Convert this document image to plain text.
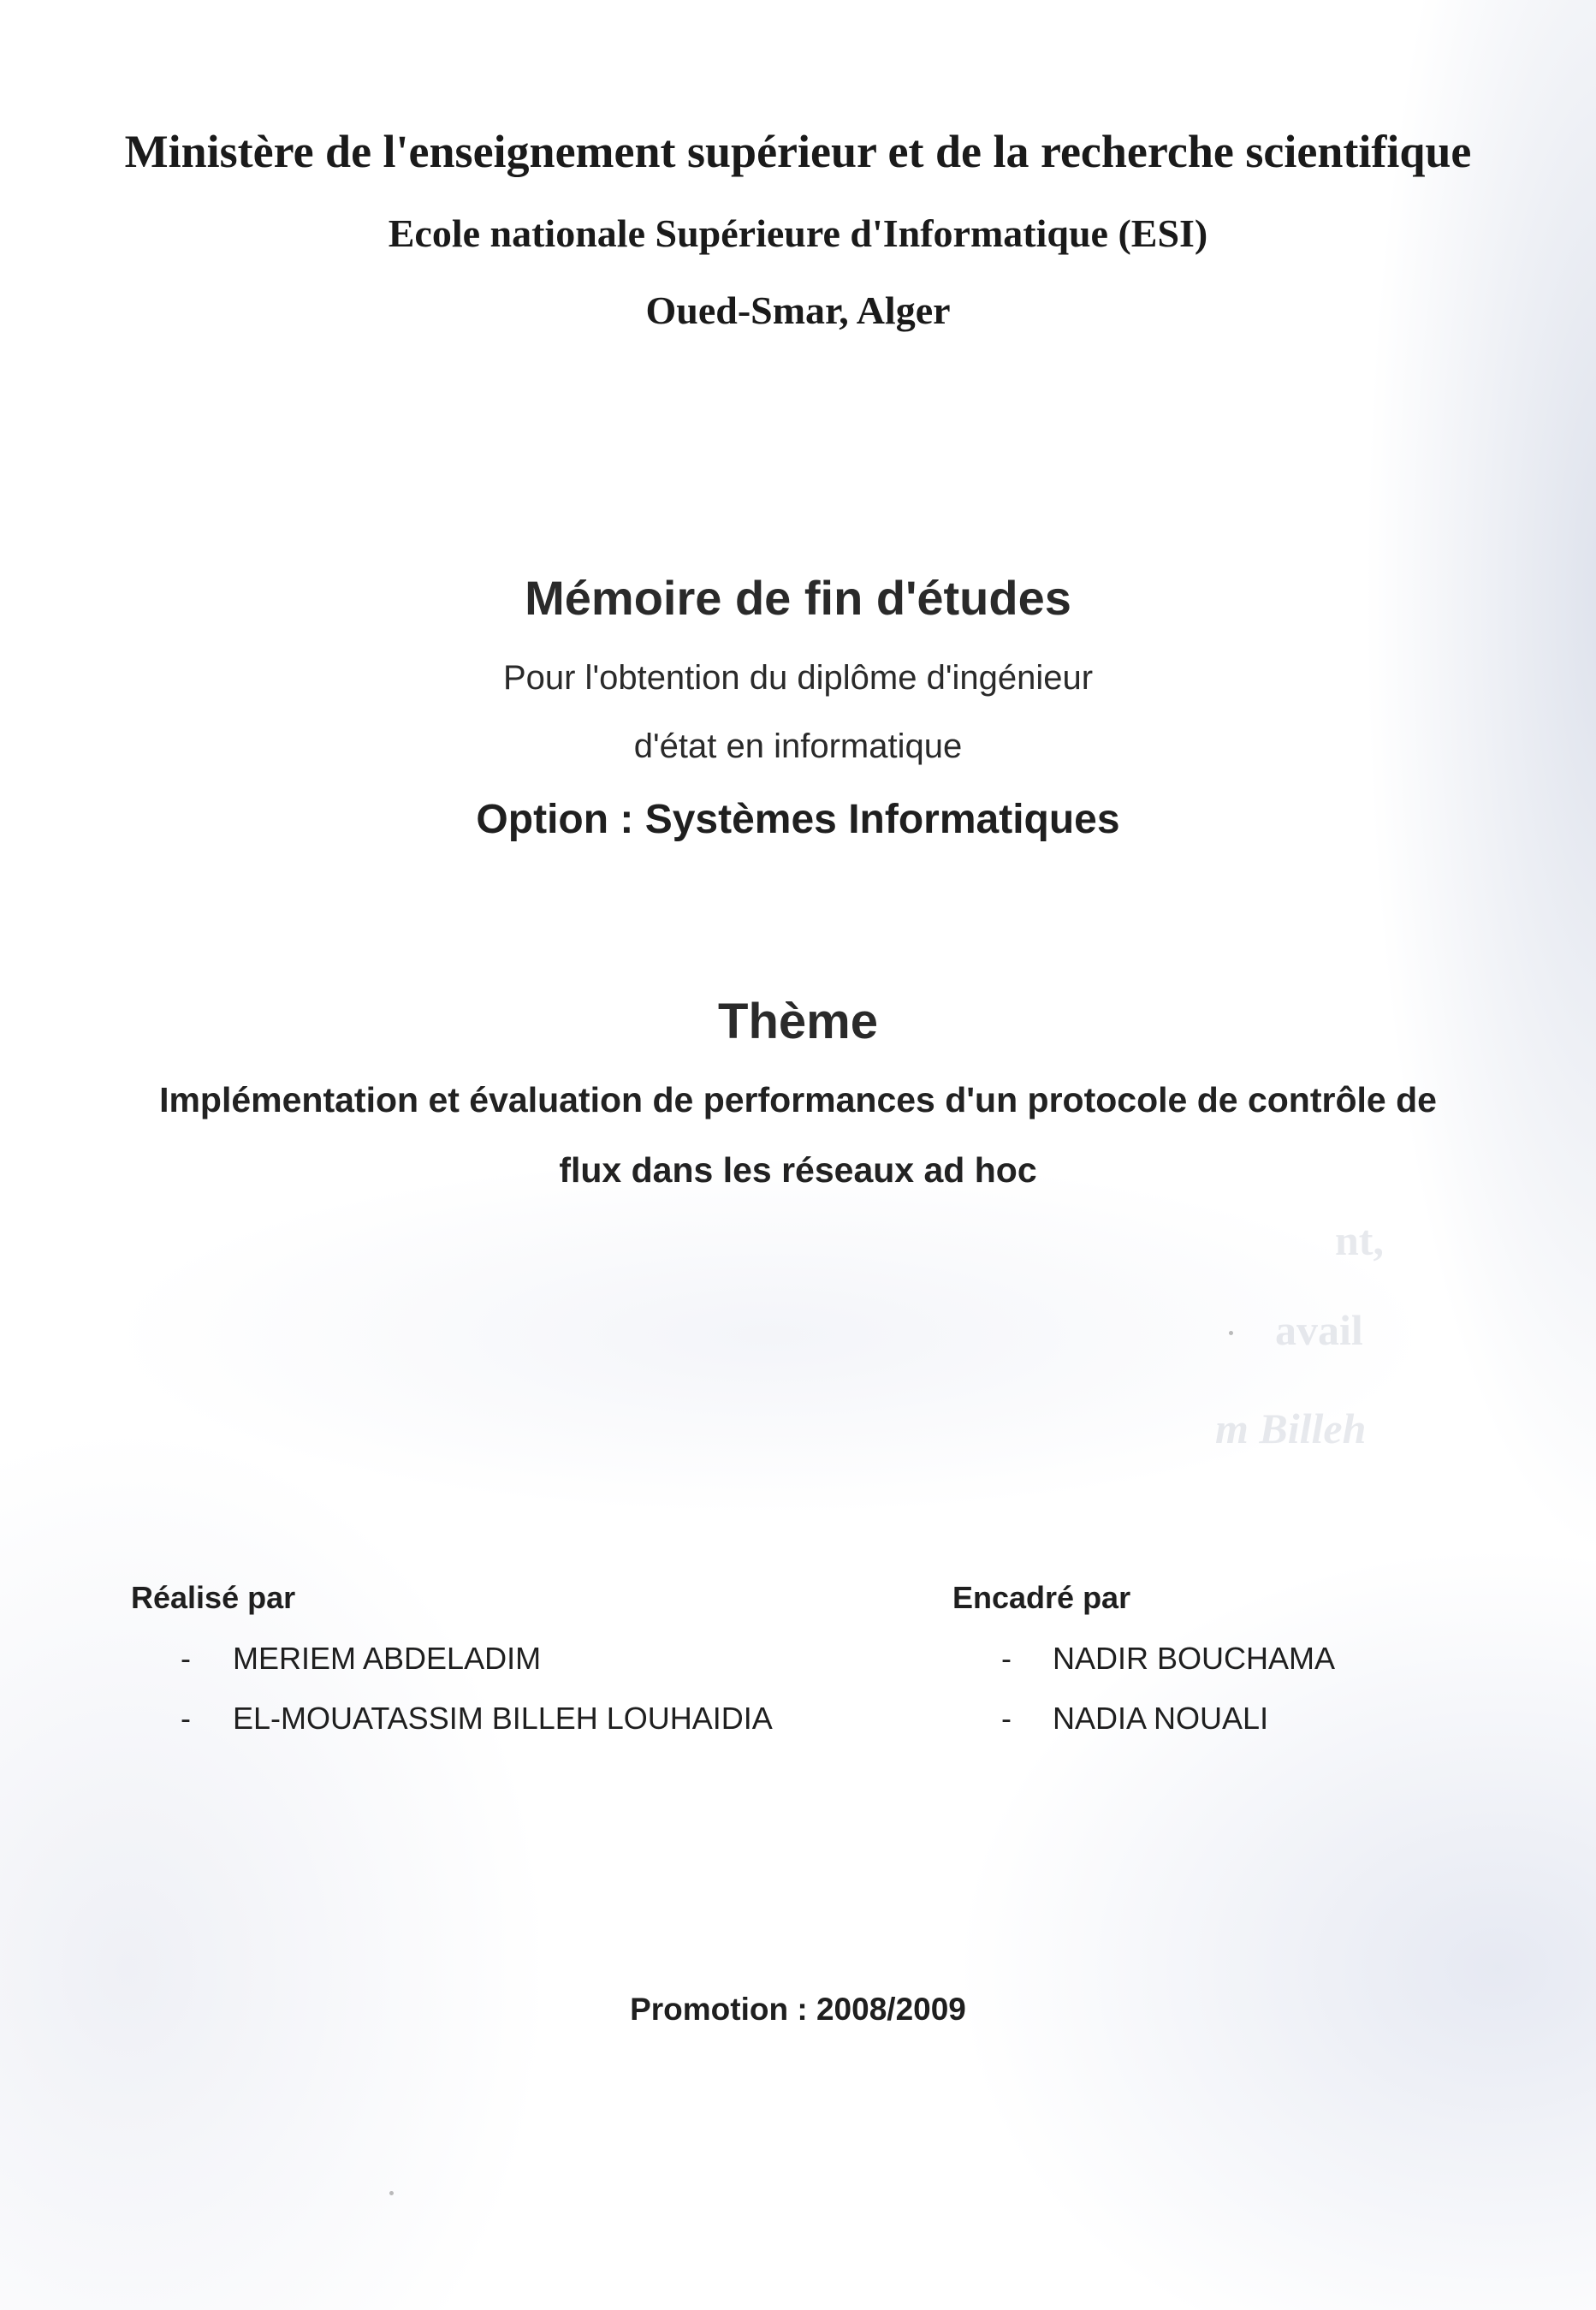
nt,
avail
m Billeh
Ministère de l'enseignement supérieur et de la recherche scientifique
Ecole nationale Supérieure d'Informatique (ESI)
Oued-Smar, Alger
Mémoire de fin d'études
Pour l'obtention du diplôme d'ingénieur
d'état en informatique
Option : Systèmes Informatiques
Thème
Implémentation et évaluation de performances d'un protocole de contrôle de
flux dans les réseaux ad hoc
Réalisé par
- MERIEM ABDELADIM
- EL-MOUATASSIM BILLEH LOUHAIDIA
Encadré par
- NADIR BOUCHAMA
- NADIA NOUALI
Promotion : 2008/2009
